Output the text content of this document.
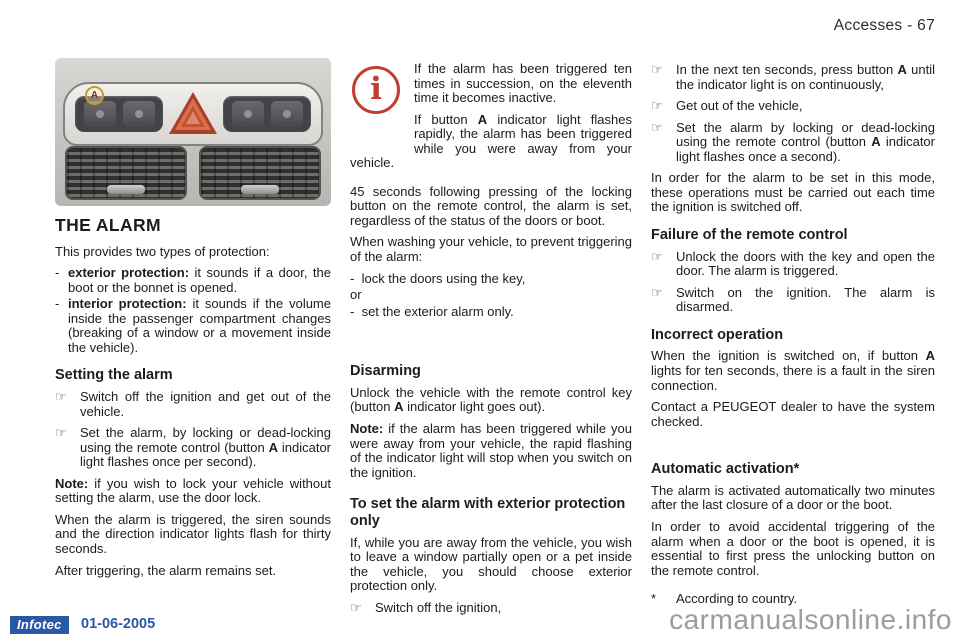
Accesses - 67
A
THE ALARM

This provides two types of protection:

- exterior protection: it sounds if a door, the boot or the bonnet is opened.
- interior protection: it sounds if the volume inside the passenger compartment changes (breaking of a window or a movement inside the vehicle).
Setting the alarm
☞	Switch off the ignition and get out of the vehicle.
☞	Set the alarm, by locking or dead-locking using the remote control (button A indicator light flashes once per second).

Note: if you wish to lock your vehicle without setting the alarm, use the door lock.

When the alarm is triggered, the siren sounds and the direction indicator lights flash for thirty seconds.

After triggering, the alarm remains set.

i

If the alarm has been triggered ten times in succession, on the eleventh time it becomes inactive.

If button A indicator light flashes rapidly, the alarm has been triggered while you were away from your vehicle.

45 seconds following pressing of the locking button on the remote control, the alarm is set, regardless of the status of the doors or boot.

When washing your vehicle, to prevent triggering of the alarm:

- lock the doors using the key,
or
- set the exterior alarm only.
Disarming

Unlock the vehicle with the remote control key (button A indicator light goes out).

Note: if the alarm has been triggered while you were away from your vehicle, the rapid flashing of the indicator light will stop when you switch on the ignition.

To set the alarm with exterior protection only

If, while you are away from the vehicle, you wish to leave a window partially open or a pet inside the vehicle, you should choose exterior protection only.

☞	Switch off the ignition,
☞	In the next ten seconds, press button A until the indicator light is on continuously,
☞	Get out of the vehicle,
☞	Set the alarm by locking or dead-locking using the remote control (button A indicator light flashes once a second).

In order for the alarm to be set in this mode, these operations must be carried out each time the ignition is switched off.

Failure of the remote control
☞	Unlock the doors with the key and open the door. The alarm is triggered.
☞	Switch on the ignition. The alarm is disarmed.
Incorrect operation

When the ignition is switched on, if button A lights for ten seconds, there is a fault in the siren connection.

Contact a PEUGEOT dealer to have the system checked.

Automatic activation*

The alarm is activated automatically two minutes after the last closure of a door or the boot.

In order to avoid accidental triggering of the alarm when a door or the boot is opened, it is essential to first press the unlocking button on the remote control.

*	According to country.
Infotec	01-06-2005	carmanualsonline.info
